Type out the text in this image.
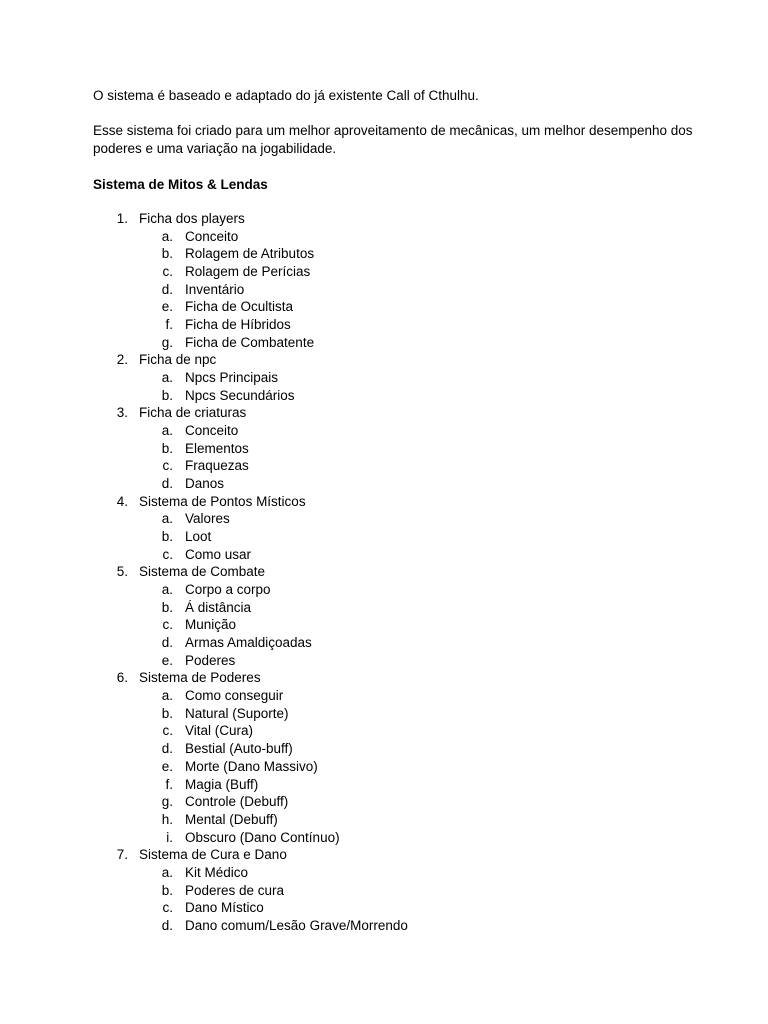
O sistema é baseado e adaptado do já existente Call of Cthulhu.

Esse sistema foi criado para um melhor aproveitamento de mecânicas, um melhor desempenho dos poderes e uma variação na jogabilidade.

Sistema de Mitos & Lendas

1. Ficha dos players
a. Conceito
b. Rolagem de Atributos
c. Rolagem de Perícias
d. Inventário
e. Ficha de Ocultista
f. Ficha de Híbridos
g. Ficha de Combatente
2. Ficha de npc
a. Npcs Principais
b. Npcs Secundários
3. Ficha de criaturas
a. Conceito
b. Elementos
c. Fraquezas
d. Danos
4. Sistema de Pontos Místicos
a. Valores
b. Loot
c. Como usar
5. Sistema de Combate
a. Corpo a corpo
b. Á distância
c. Munição
d. Armas Amaldiçoadas
e. Poderes
6. Sistema de Poderes
a. Como conseguir
b. Natural (Suporte)
c. Vital (Cura)
d. Bestial (Auto-buff)
e. Morte (Dano Massivo)
f. Magia (Buff)
g. Controle (Debuff)
h. Mental (Debuff)
i. Obscuro (Dano Contínuo)
7. Sistema de Cura e Dano
a. Kit Médico
b. Poderes de cura
c. Dano Místico
d. Dano comum/Lesão Grave/Morrendo
